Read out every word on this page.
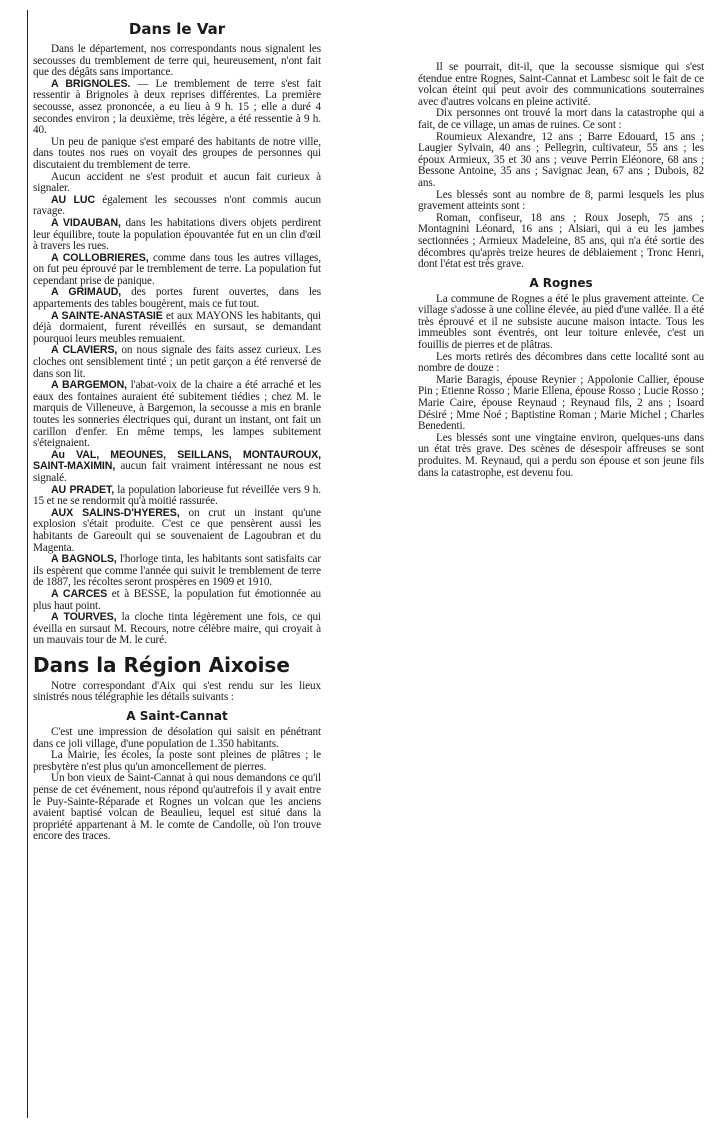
Dans le Var

Dans le département, nos correspondants nous signalent les secousses du tremblement de terre qui, heureusement, n'ont fait que des dégâts sans importance.

A BRIGNOLES. — Le tremblement de terre s'est fait ressentir à Brignoles à deux reprises différentes. La première secousse, assez prononcée, a eu lieu à 9 h. 15 ; elle a duré 4 secondes environ ; la deuxième, très légère, a été ressentie à 9 h. 40.

Un peu de panique s'est emparé des habitants de notre ville, dans toutes nos rues on voyait des groupes de personnes qui discutaient du tremblement de terre.

Aucun accident ne s'est produit et aucun fait curieux à signaler.

AU LUC également les secousses n'ont commis aucun ravage.

A VIDAUBAN, dans les habitations divers objets perdirent leur équilibre, toute la population épouvantée fut en un clin d'œil à travers les rues.

A COLLOBRIERES, comme dans tous les autres villages, on fut peu éprouvé par le tremblement de terre. La population fut cependant prise de panique.

A GRIMAUD, des portes furent ouvertes, dans les appartements des tables bougèrent, mais ce fut tout.

A SAINTE-ANASTASIE et aux MAYONS les habitants, qui déjà dormaient, furent réveillés en sursaut, se demandant pourquoi leurs meubles remuaient.

A CLAVIERS, on nous signale des faits assez curieux. Les cloches ont sensiblement tinté ; un petit garçon a été renversé de dans son lit.

A BARGEMON, l'abat-voix de la chaire a été arraché et les eaux des fontaines auraient été subitement tiédies ; chez M. le marquis de Villeneuve, à Bargemon, la secousse a mis en branle toutes les sonneries électriques qui, durant un instant, ont fait un carillon d'enfer. En même temps, les lampes subitement s'éteignaient.

Au VAL, MEOUNES, SEILLANS, MONTAUROUX, SAINT-MAXIMIN, aucun fait vraiment intéressant ne nous est signalé.

AU PRADET, la population laborieuse fut réveillée vers 9 h. 15 et ne se rendormit qu'à moitié rassurée.

AUX SALINS-D'HYERES, on crut un instant qu'une explosion s'était produite. C'est ce que pensèrent aussi les habitants de Gareoult qui se souvenaient de Lagoubran et du Magenta.

A BAGNOLS, l'horloge tinta, les habitants sont satisfaits car ils espèrent que comme l'année qui suivit le tremblement de terre de 1887, les récoltes seront prospères en 1909 et 1910.

A CARCES et à BESSE, la population fut émotionnée au plus haut point.

A TOURVES, la cloche tinta légèrement une fois, ce qui éveilla en sursaut M. Recours, notre célèbre maire, qui croyait à un mauvais tour de M. le curé.

Dans la Région Aixoise

Notre correspondant d'Aix qui s'est rendu sur les lieux sinistrés nous télégraphie les détails suivants :

A Saint-Cannat

C'est une impression de désolation qui saisit en pénétrant dans ce joli village, d'une population de 1.350 habitants.

La Mairie, les écoles, la poste sont pleines de plâtres ; le presbytère n'est plus qu'un amoncellement de pierres.

Un bon vieux de Saint-Cannat à qui nous demandons ce qu'il pense de cet événement, nous répond qu'autrefois il y avait entre le Puy-Sainte-Réparade et Rognes un volcan que les anciens avaient baptisé volcan de Beaulieu, lequel est situé dans la propriété appartenant à M. le comte de Candolle, où l'on trouve encore des traces.

Il se pourrait, dit-il, que la secousse sismique qui s'est étendue entre Rognes, Saint-Cannat et Lambesc soit le fait de ce volcan éteint qui peut avoir des communications souterraines avec d'autres volcans en pleine activité.

Dix personnes ont trouvé la mort dans la catastrophe qui a fait, de ce village, un amas de ruines. Ce sont :

Roumieux Alexandre, 12 ans ; Barre Edouard, 15 ans ; Laugier Sylvain, 40 ans ; Pellegrin, cultivateur, 55 ans ; les époux Armieux, 35 et 30 ans ; veuve Perrin Eléonore, 68 ans ; Bessone Antoine, 35 ans ; Savignac Jean, 67 ans ; Dubois, 82 ans.

Les blessés sont au nombre de 8, parmi lesquels les plus gravement atteints sont :

Roman, confiseur, 18 ans ; Roux Joseph, 75 ans ; Montagnini Léonard, 16 ans ; Alsiari, qui a eu les jambes sectionnées ; Armieux Madeleine, 85 ans, qui n'a été sortie des décombres qu'après treize heures de déblaiement ; Tronc Henri, dont l'état est très grave.

A Rognes

La commune de Rognes a été le plus gravement atteinte. Ce village s'adosse à une colline élevée, au pied d'une vallée. Il a été très éprouvé et il ne subsiste aucune maison intacte. Tous les immeubles sont éventrés, ont leur toiture enlevée, c'est un fouillis de pierres et de plâtras.

Les morts retirés des décombres dans cette localité sont au nombre de douze :

Marie Baragis, épouse Reynier ; Appolonie Callier, épouse Pin ; Etienne Rosso ; Marie Ellena, épouse Rosso ; Lucie Rosso ; Marie Caire, épouse Reynaud ; Reynaud fils, 2 ans ; Isoard Désiré ; Mme Noé ; Baptistine Roman ; Marie Michel ; Charles Benedenti.

Les blessés sont une vingtaine environ, quelques-uns dans un état très grave. Des scènes de désespoir affreuses se sont produites. M. Reynaud, qui a perdu son épouse et son jeune fils dans la catastrophe, est devenu fou.
